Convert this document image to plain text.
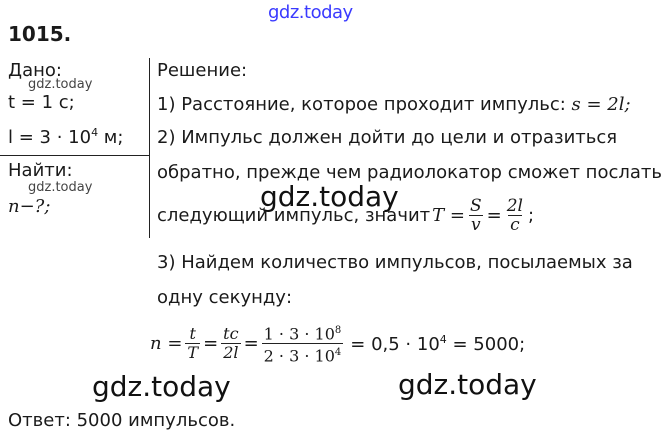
gdz.today
gdz.today
gdz.today	gdz.today
gdz.today	gdz.today
1015.
Дано:
t = 1 с;
$l = 3 \cdot 10^4$ м;
Найти:
n−?;
Решение:
1) Расстояние, которое проходит импульс: s = 2l;
2) Импульс должен дойти до цели и отразиться
обратно, прежде чем радиолокатор сможет послать
следующий импульс, значит $T = \frac{S}{v} = \frac{2l}{c}$ ;
3) Найдем количество импульсов, посылаемых за
одну секунду:
$n = \frac{t}{T} = \frac{tc}{2l} = \frac{1 \cdot 3 \cdot 10^8}{2 \cdot 3 \cdot 10^4} = 0,5 \cdot 10^4 = 5000$;
Ответ: 5000 импульсов.
